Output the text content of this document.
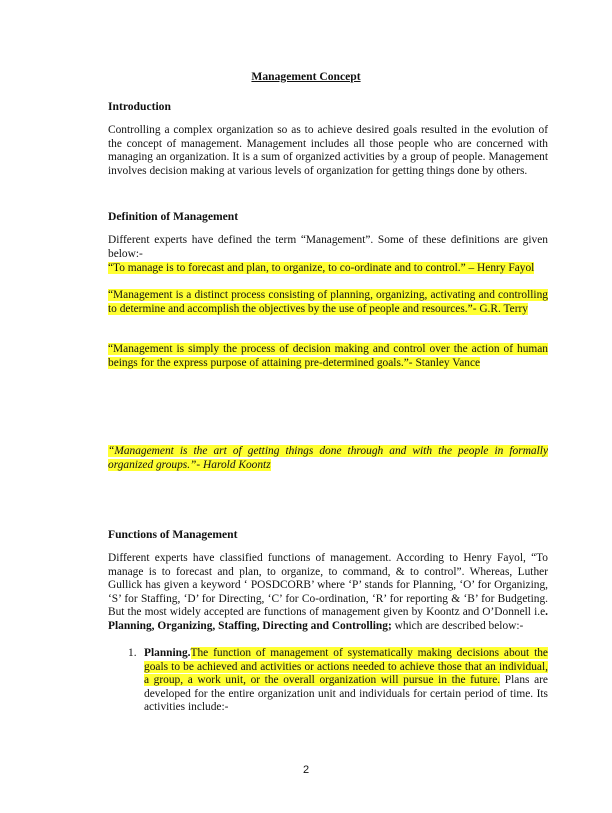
Management Concept
Introduction

Controlling a complex organization so as to achieve desired goals resulted in the evolution of the concept of management. Management includes all those people who are concerned with managing an organization. It is a sum of organized activities by a group of people. Management involves decision making at various levels of organization for getting things done by others.

Definition of Management

Different experts have defined the term “Management”. Some of these definitions are given below:-

“To manage is to forecast and plan, to organize, to co-ordinate and to control.” – Henry Fayol

“Management is a distinct process consisting of planning, organizing, activating and controlling to determine and accomplish the objectives by the use of people and resources.”- G.R. Terry

“Management is simply the process of decision making and control over the action of human beings for the express purpose of attaining pre-determined goals.”- Stanley Vance

“Management is the art of getting things done through and with the people in formally organized groups.”- Harold Koontz

Functions of Management

Different experts have classified functions of management. According to Henry Fayol, “To manage is to forecast and plan, to organize, to command, & to control”. Whereas, Luther Gullick has given a keyword ‘ POSDCORB’ where ‘P’ stands for Planning, ‘O’ for Organizing, ‘S’ for Staffing, ‘D’ for Directing, ‘C’ for Co-ordination, ‘R’ for reporting & ‘B’ for Budgeting. But the most widely accepted are functions of management given by Koontz and O’Donnell i.e. Planning, Organizing, Staffing, Directing and Controlling; which are described below:-

1. Planning.The function of management of systematically making decisions about the goals to be achieved and activities or actions needed to achieve those that an individual, a group, a work unit, or the overall organization will pursue in the future. Plans are developed for the entire organization unit and individuals for certain period of time. Its activities include:-

2
